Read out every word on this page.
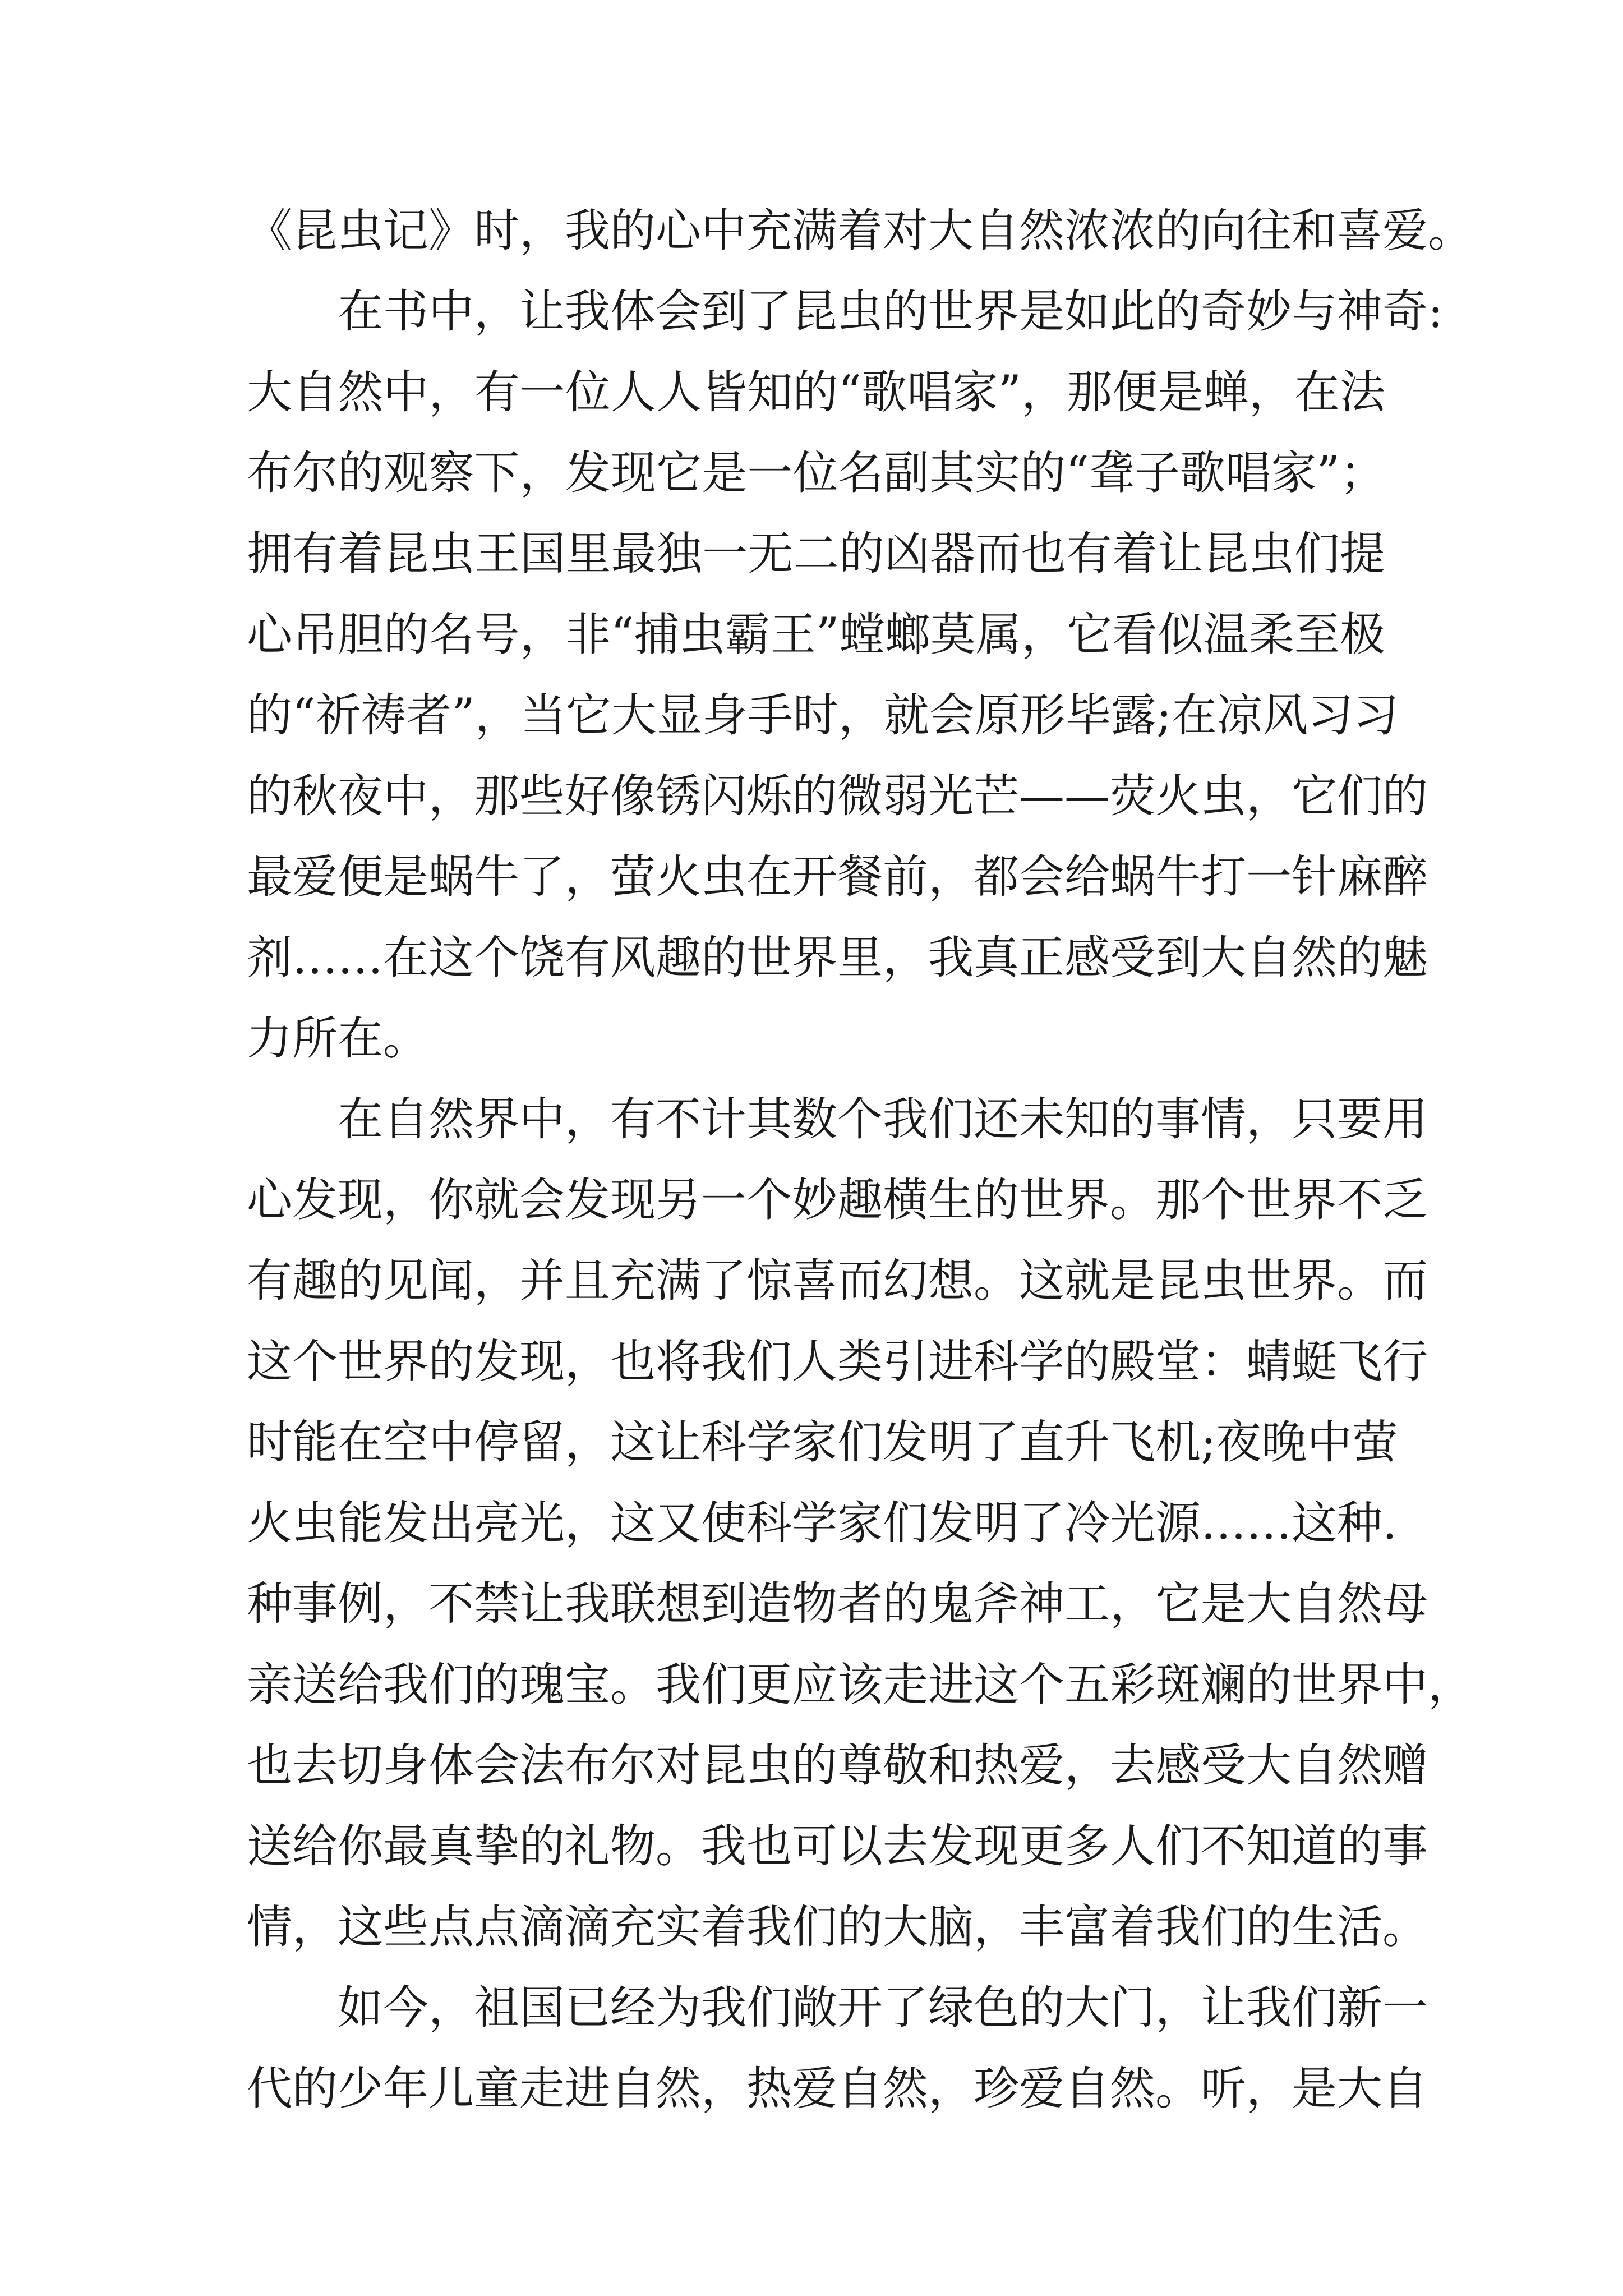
《昆虫记》时，我的心中充满着对大自然浓浓的向往和喜爱。
在书中，让我体会到了昆虫的世界是如此的奇妙与神奇:
大自然中，有一位人人皆知的“歌唱家”，那便是蝉，在法
布尔的观察下，发现它是一位名副其实的“聋子歌唱家”；
拥有着昆虫王国里最独一无二的凶器而也有着让昆虫们提
心吊胆的名号，非“捕虫霸王”螳螂莫属，它看似温柔至极
的“祈祷者”，当它大显身手时，就会原形毕露;在凉风习习
的秋夜中，那些好像锈闪烁的微弱光芒——荧火虫，它们的
最爱便是蜗牛了，萤火虫在开餐前，都会给蜗牛打一针麻醉
剂……在这个饶有风趣的世界里，我真正感受到大自然的魅
力所在。
在自然界中，有不计其数个我们还未知的事情，只要用
心发现，你就会发现另一个妙趣横生的世界。那个世界不乏
有趣的见闻，并且充满了惊喜而幻想。这就是昆虫世界。而
这个世界的发现，也将我们人类引进科学的殿堂：蜻蜓飞行
时能在空中停留，这让科学家们发明了直升飞机;夜晚中萤
火虫能发出亮光，这又使科学家们发明了冷光源……这种.
种事例，不禁让我联想到造物者的鬼斧神工，它是大自然母
亲送给我们的瑰宝。我们更应该走进这个五彩斑斓的世界中，
也去切身体会法布尔对昆虫的尊敬和热爱，去感受大自然赠
送给你最真挚的礼物。我也可以去发现更多人们不知道的事
情，这些点点滴滴充实着我们的大脑，丰富着我们的生活。
如今，祖国已经为我们敞开了绿色的大门，让我们新一
代的少年儿童走进自然，热爱自然，珍爱自然。听，是大自
